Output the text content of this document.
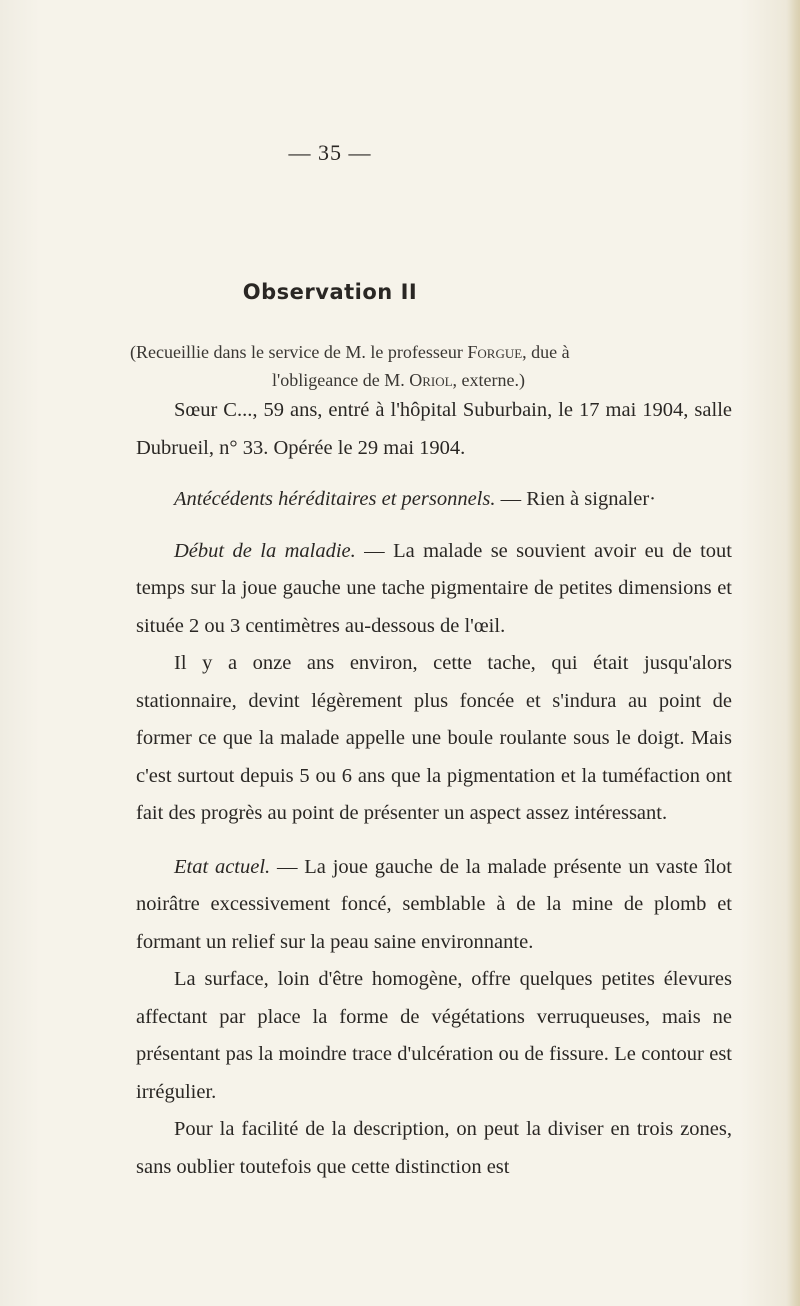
— 35 —
Observation II
(Recueillie dans le service de M. le professeur Forgue, due à
l'obligeance de M. Oriol, externe.)

Sœur C..., 59 ans, entré à l'hôpital Suburbain, le 17 mai 1904, salle Dubrueil, n° 33. Opérée le 29 mai 1904.

Antécédents héréditaires et personnels. — Rien à signaler·

Début de la maladie. — La malade se souvient avoir eu de tout temps sur la joue gauche une tache pigmentaire de petites dimensions et située 2 ou 3 centimètres au-dessous de l'œil.

Il y a onze ans environ, cette tache, qui était jusqu'alors stationnaire, devint légèrement plus foncée et s'indura au point de former ce que la malade appelle une boule roulante sous le doigt. Mais c'est surtout depuis 5 ou 6 ans que la pigmentation et la tuméfaction ont fait des progrès au point de présenter un aspect assez intéressant.

Etat actuel. — La joue gauche de la malade présente un vaste îlot noirâtre excessivement foncé, semblable à de la mine de plomb et formant un relief sur la peau saine environnante.

La surface, loin d'être homogène, offre quelques petites élevures affectant par place la forme de végétations verruqueuses, mais ne présentant pas la moindre trace d'ulcération ou de fissure. Le contour est irrégulier.

Pour la facilité de la description, on peut la diviser en trois zones, sans oublier toutefois que cette distinction est
